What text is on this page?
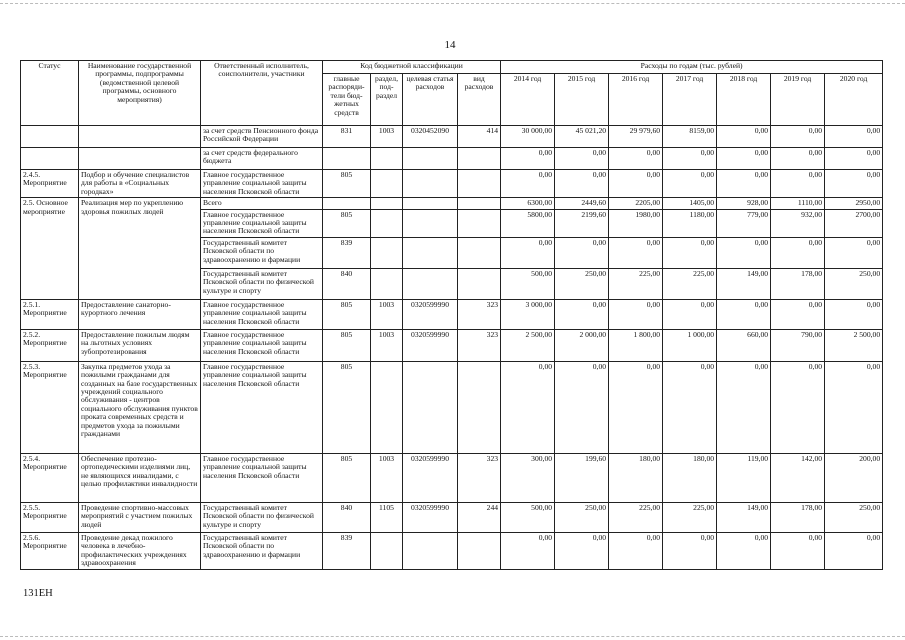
14
Статус	Наименование государственной программы, подпрограммы (ведомственной целевой программы, основного мероприятия)	Ответственный исполнитель, соисполнители, участники	Код бюджетной классификации				Расходы по годам (тыс. рублей)						
			главные распоряди-тели бюд-жетных средств	раздел, под-раздел	целевая статья расходов	вид расходов	2014 год	2015 год	2016 год	2017 год	2018 год	2019 год	2020 год
		за счет средств Пенсионного фонда Российской Федерации	831	1003	0320452090	414	30 000,00	45 021,20	29 979,60	8159,00	0,00	0,00	0,00
		за счет средств федерального бюджета					0,00	0,00	0,00	0,00	0,00	0,00	0,00
2.4.5. Мероприятие	Подбор и обучение специалистов для работы в «Социальных городках»	Главное государственное управление социальной защиты населения Псковской области	805				0,00	0,00	0,00	0,00	0,00	0,00	0,00
2.5. Основное мероприятие	Реализация мер по укреплению здоровья пожилых людей	Всего					6300,00	2449,60	2205,00	1405,00	928,00	1110,00	2950,00
		Главное государственное управление социальной защиты населения Псковской области	805				5800,00	2199,60	1980,00	1180,00	779,00	932,00	2700,00
		Государственный комитет Псковской области по здравоохранению и фармации	839				0,00	0,00	0,00	0,00	0,00	0,00	0,00
		Государственный комитет Псковской области по физической культуре и спорту	840				500,00	250,00	225,00	225,00	149,00	178,00	250,00
2.5.1. Мероприятие	Предоставление санаторно-курортного лечения	Главное государственное управление социальной защиты населения Псковской области	805	1003	0320599990	323	3 000,00	0,00	0,00	0,00	0,00	0,00	0,00
2.5.2. Мероприятие	Предоставление пожилым людям на льготных условиях зубопротезирования	Главное государственное управление социальной защиты населения Псковской области	805	1003	0320599990	323	2 500,00	2 000,00	1 800,00	1 000,00	660,00	790,00	2 500,00
2.5.3. Мероприятие	Закупка предметов ухода за пожилыми гражданами для созданных на базе государственных учреждений социального обслуживания - центров социального обслуживания пунктов проката современных средств и предметов ухода за пожилыми гражданами	Главное государственное управление социальной защиты населения Псковской области	805				0,00	0,00	0,00	0,00	0,00	0,00	0,00
2.5.4. Мероприятие	Обеспечение протезно-ортопедическими изделиями лиц, не являющихся инвалидами, с целью профилактики инвалидности	Главное государственное управление социальной защиты населения Псковской области	805	1003	0320599990	323	300,00	199,60	180,00	180,00	119,00	142,00	200,00
2.5.5. Мероприятие	Проведение спортивно-массовых мероприятий с участием пожилых людей	Государственный комитет Псковской области по физической культуре и спорту	840	1105	0320599990	244	500,00	250,00	225,00	225,00	149,00	178,00	250,00
2.5.6. Мероприятие	Проведение декад пожилого человека в лечебно-профилактических учреждениях здравоохранения	Государственный комитет Псковской области по здравоохранению и фармации	839				0,00	0,00	0,00	0,00	0,00	0,00	0,00
131ЕН
